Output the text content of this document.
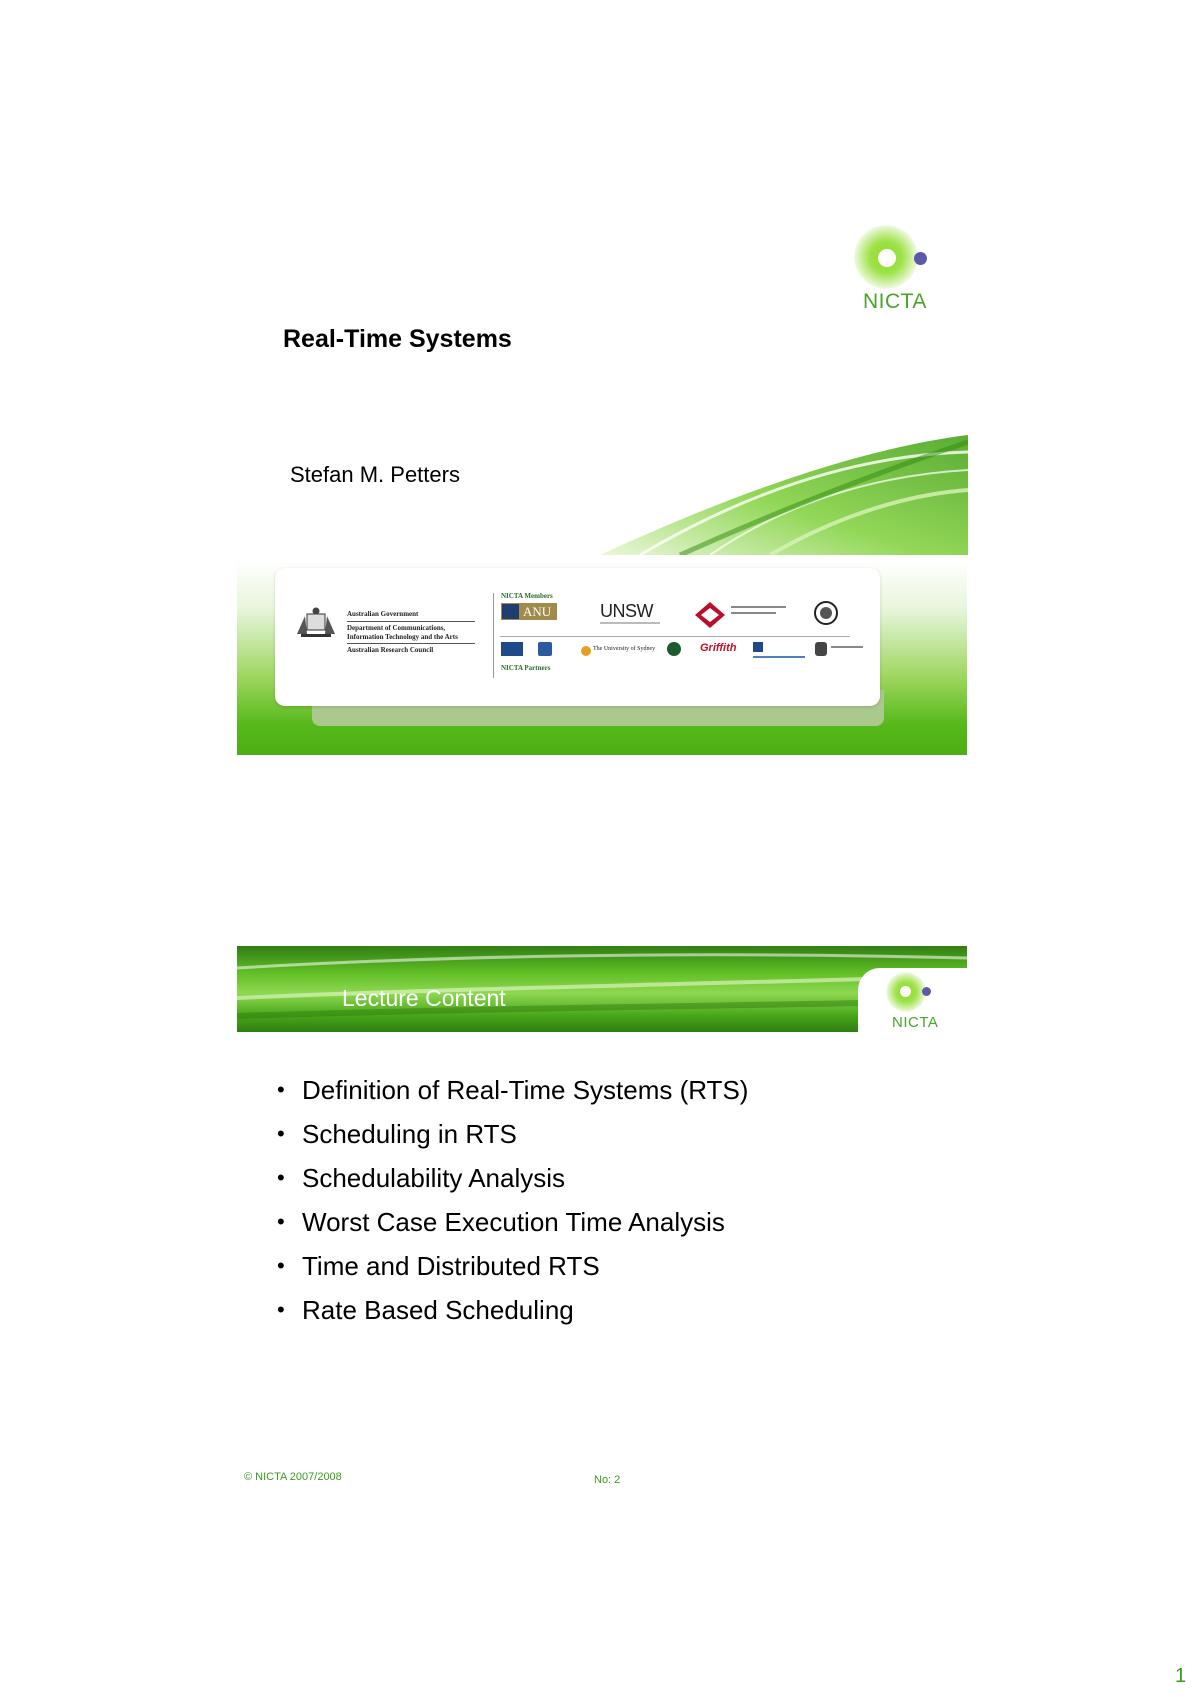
NICTA
Real-Time Systems
Stefan M. Petters
Australian Government
Department of Communications,
Information Technology and the Arts
Australian Research Council
NICTA Members
ANU	UNSW
The University of Sydney	Griffith
NICTA Partners
NICTA
Lecture Content
• Definition of Real-Time Systems (RTS)
• Scheduling in RTS
• Schedulability Analysis
• Worst Case Execution Time Analysis
• Time and Distributed RTS
• Rate Based Scheduling
© NICTA 2007/2008	No: 2
1
